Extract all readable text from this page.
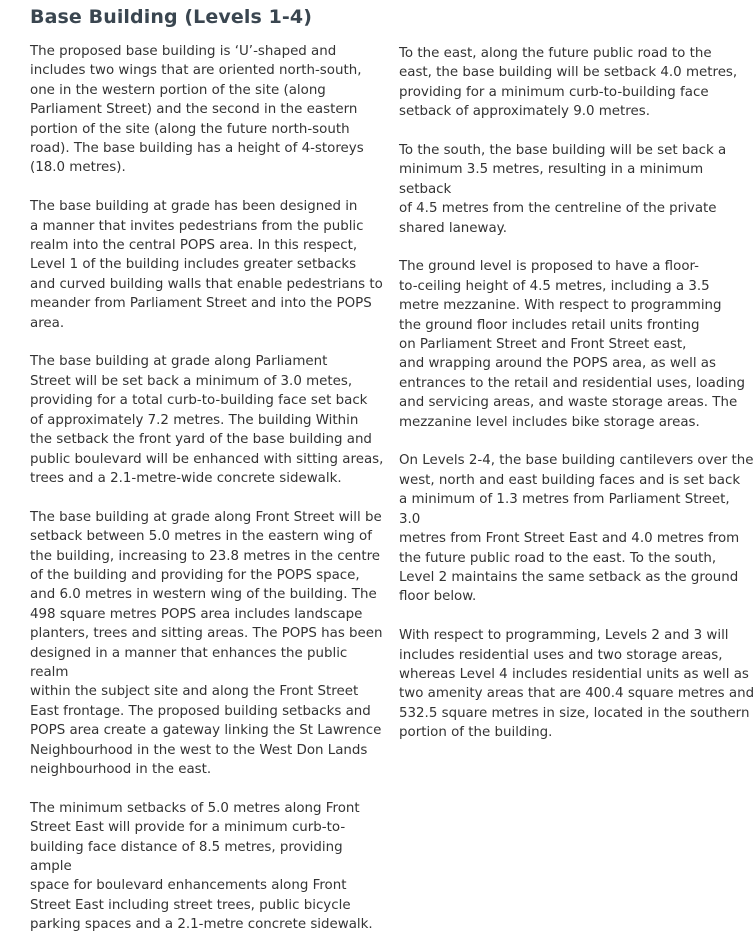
Base Building (Levels 1-4)

The proposed base building is ‘U’-shaped and
includes two wings that are oriented north-south,
one in the western portion of the site (along
Parliament Street) and the second in the eastern
portion of the site (along the future north-south
road). The base building has a height of 4-storeys
(18.0 metres).

The base building at grade has been designed in
a manner that invites pedestrians from the public
realm into the central POPS area. In this respect,
Level 1 of the building includes greater setbacks
and curved building walls that enable pedestrians to
meander from Parliament Street and into the POPS
area.

The base building at grade along Parliament
Street will be set back a minimum of 3.0 metes,
providing for a total curb-to-building face set back
of approximately 7.2 metres. The building Within
the setback the front yard of the base building and
public boulevard will be enhanced with sitting areas,
trees and a 2.1-metre-wide concrete sidewalk.

The base building at grade along Front Street will be
setback between 5.0 metres in the eastern wing of
the building, increasing to 23.8 metres in the centre
of the building and providing for the POPS space,
and 6.0 metres in western wing of the building. The
498 square metres POPS area includes landscape
planters, trees and sitting areas. The POPS has been
designed in a manner that enhances the public realm
within the subject site and along the Front Street
East frontage. The proposed building setbacks and
POPS area create a gateway linking the St Lawrence
Neighbourhood in the west to the West Don Lands
neighbourhood in the east.

The minimum setbacks of 5.0 metres along Front
Street East will provide for a minimum curb-to-
building face distance of 8.5 metres, providing ample
space for boulevard enhancements along Front
Street East including street trees, public bicycle
parking spaces and a 2.1-metre concrete sidewalk.

To the east, along the future public road to the
east, the base building will be setback 4.0 metres,
providing for a minimum curb-to-building face
setback of approximately 9.0 metres.

To the south, the base building will be set back a
minimum 3.5 metres, resulting in a minimum setback
of 4.5 metres from the centreline of the private
shared laneway.

The ground level is proposed to have a floor-
to-ceiling height of 4.5 metres, including a 3.5
metre mezzanine. With respect to programming
the ground floor includes retail units fronting
on Parliament Street and Front Street east,
and wrapping around the POPS area, as well as
entrances to the retail and residential uses, loading
and servicing areas, and waste storage areas. The
mezzanine level includes bike storage areas.

On Levels 2-4, the base building cantilevers over the
west, north and east building faces and is set back
a minimum of 1.3 metres from Parliament Street, 3.0
metres from Front Street East and 4.0 metres from
the future public road to the east. To the south,
Level 2 maintains the same setback as the ground
floor below.

With respect to programming, Levels 2 and 3 will
includes residential uses and two storage areas,
whereas Level 4 includes residential units as well as
two amenity areas that are 400.4 square metres and
532.5 square metres in size, located in the southern
portion of the building.
